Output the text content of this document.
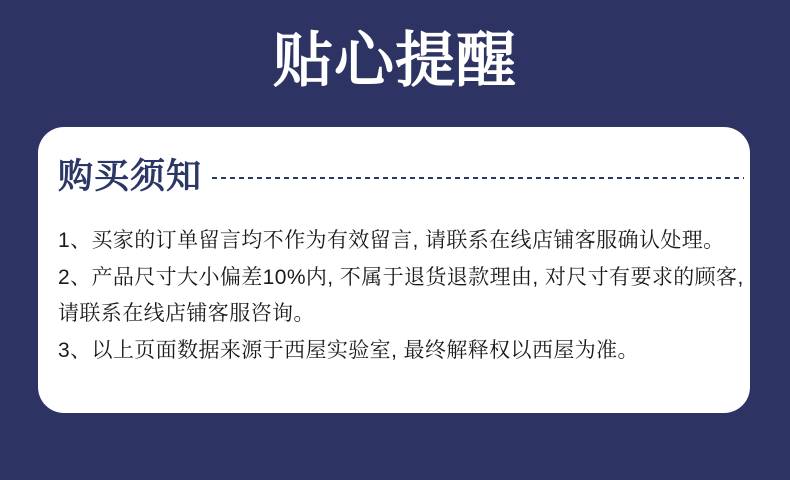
贴心提醒
购买须知

1、买家的订单留言均不作为有效留言, 请联系在线店铺客服确认处理。

2、产品尺寸大小偏差10%内, 不属于退货退款理由, 对尺寸有要求的顾客,

请联系在线店铺客服咨询。

3、以上页面数据来源于西屋实验室, 最终解释权以西屋为准。
